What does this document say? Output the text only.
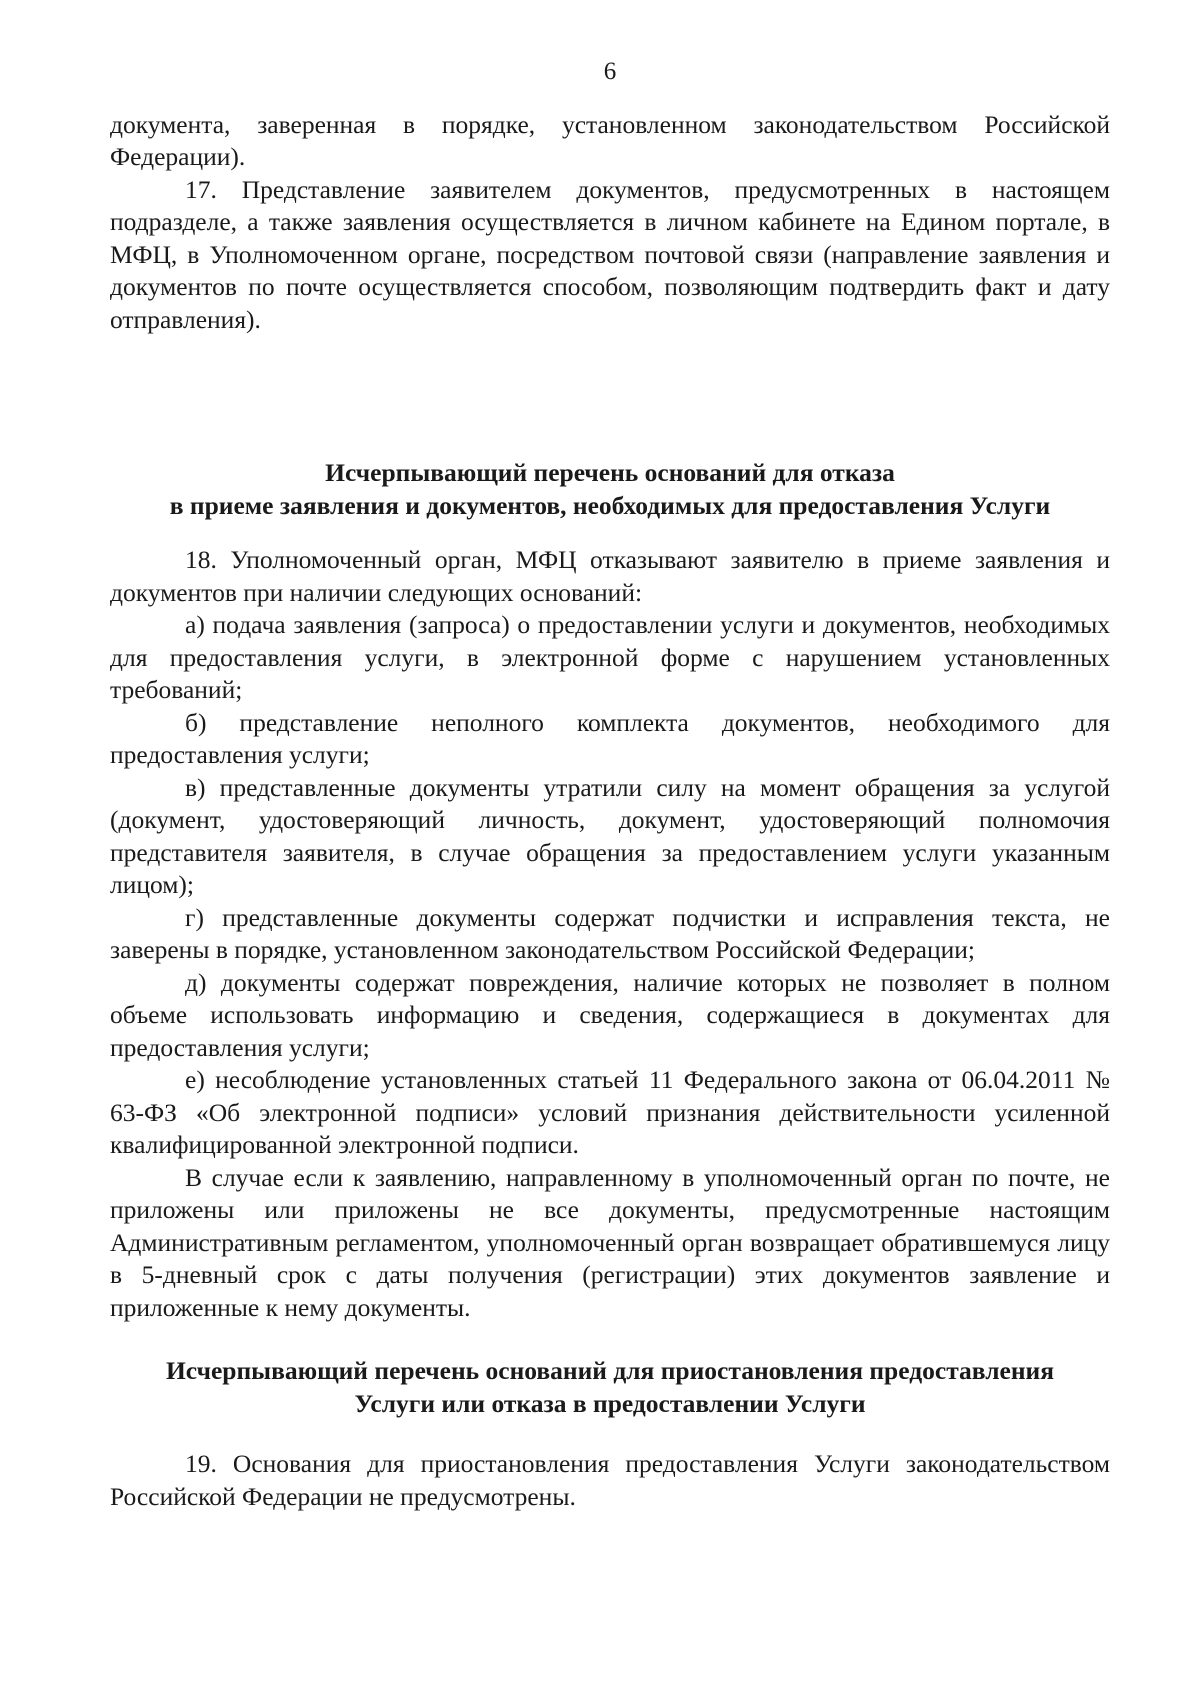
6

документа, заверенная в порядке, установленном законодательством Российской Федерации).

17. Представление заявителем документов, предусмотренных в настоящем подразделе, а также заявления осуществляется в личном кабинете на Едином портале, в МФЦ, в Уполномоченном органе, посредством почтовой связи (направление заявления и документов по почте осуществляется способом, позволяющим подтвердить факт и дату отправления).

Исчерпывающий перечень оснований для отказа
в приеме заявления и документов, необходимых для предоставления Услуги

18. Уполномоченный орган, МФЦ отказывают заявителю в приеме заявления и документов при наличии следующих оснований:

а) подача заявления (запроса) о предоставлении услуги и документов, необходимых для предоставления услуги, в электронной форме с нарушением установленных требований;

б) представление неполного комплекта документов, необходимого для предоставления услуги;

в) представленные документы утратили силу на момент обращения за услугой (документ, удостоверяющий личность, документ, удостоверяющий полномочия представителя заявителя, в случае обращения за предоставлением услуги указанным лицом);

г) представленные документы содержат подчистки и исправления текста, не заверены в порядке, установленном законодательством Российской Федерации;

д) документы содержат повреждения, наличие которых не позволяет в полном объеме использовать информацию и сведения, содержащиеся в документах для предоставления услуги;

е) несоблюдение установленных статьей 11 Федерального закона от 06.04.2011 № 63-ФЗ «Об электронной подписи» условий признания действительности усиленной квалифицированной электронной подписи.

В случае если к заявлению, направленному в уполномоченный орган по почте, не приложены или приложены не все документы, предусмотренные настоящим Административным регламентом, уполномоченный орган возвращает обратившемуся лицу в 5-дневный срок с даты получения (регистрации) этих документов заявление и приложенные к нему документы.

Исчерпывающий перечень оснований для приостановления предоставления
Услуги или отказа в предоставлении Услуги

19. Основания для приостановления предоставления Услуги законодательством Российской Федерации не предусмотрены.
